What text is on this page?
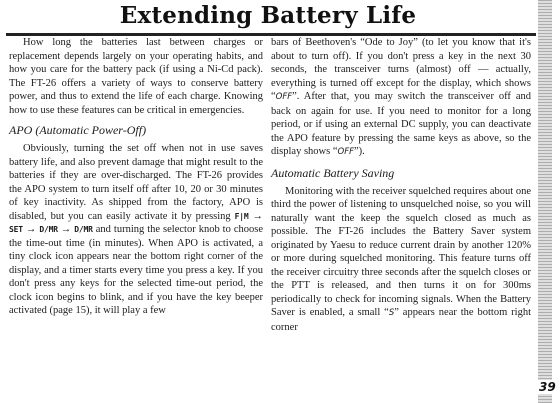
Extending Battery Life

How long the batteries last between charges or replacement depends largely on your operating habits, and how you care for the battery pack (if using a Ni-Cd pack). The FT-26 offers a variety of ways to conserve battery power, and thus to extend the life of each charge. Knowing how to use these features can be critical in emergencies.

APO (Automatic Power-Off)

Obviously, turning the set off when not in use saves battery life, and also prevent damage that might result to the batteries if they are over-discharged. The FT-26 provides the APO system to turn itself off after 10, 20 or 30 minutes of key inactivity. As shipped from the factory, APO is disabled, but you can easily activate it by pressing F|M → SET → D/MR → D/MR and turning the selector knob to choose the time-out time (in minutes). When APO is activated, a tiny clock icon appears near the bottom right corner of the display, and a timer starts every time you press a key. If you don't press any keys for the selected time-out period, the clock icon begins to blink, and if you have the key beeper activated (page 15), it will play a few

bars of Beethoven's “Ode to Joy” (to let you know that it's about to turn off). If you don't press a key in the next 30 seconds, the transceiver turns (almost) off — actually, everything is turned off except for the display, which shows “OFF”. After that, you may switch the transceiver off and back on again for use. If you need to monitor for a long period, or if using an external DC supply, you can deactivate the APO feature by pressing the same keys as above, so the display shows “OFF”).

Automatic Battery Saving

Monitoring with the receiver squelched requires about one third the power of listening to unsquelched noise, so you will naturally want the keep the squelch closed as much as possible. The FT-26 includes the Battery Saver system originated by Yaesu to reduce current drain by another 120% or more during squelched monitoring. This feature turns off the receiver circuitry three seconds after the squelch closes or the PTT is released, and then turns it on for 300ms periodically to check for incoming signals. When the Battery Saver is enabled, a small “S” appears near the bottom right corner

39
